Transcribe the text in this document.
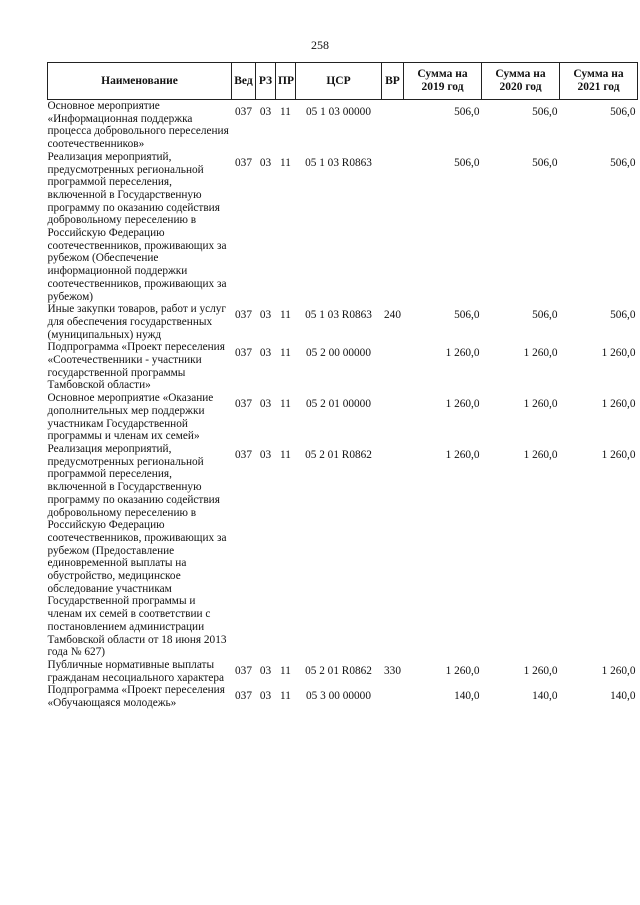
258
Наименование	Вед	РЗ	ПР	ЦСР	ВР	Сумма на 2019 год	Сумма на 2020 год	Сумма на 2021 год
Основное мероприятие «Информационная поддержка процесса добровольного переселения соотечественников»	037	03	11	05 1 03 00000		506,0	506,0	506,0
Реализация мероприятий, предусмотренных региональной программой переселения, включенной в Государственную программу по оказанию содействия добровольному переселению в Российскую Федерацию соотечественников, проживающих за рубежом (Обеспечение информационной поддержки соотечественников, проживающих за рубежом)	037	03	11	05 1 03 R0863		506,0	506,0	506,0
Иные закупки товаров, работ и услуг для обеспечения государственных (муниципальных) нужд	037	03	11	05 1 03 R0863	240	506,0	506,0	506,0
Подпрограмма «Проект переселения «Соотечественники - участники государственной программы Тамбовской области»	037	03	11	05 2 00 00000		1 260,0	1 260,0	1 260,0
Основное мероприятие «Оказание дополнительных мер поддержки участникам Государственной программы и членам их семей»	037	03	11	05 2 01 00000		1 260,0	1 260,0	1 260,0
Реализация мероприятий, предусмотренных региональной программой переселения, включенной в Государственную программу по оказанию содействия добровольному переселению в Российскую Федерацию соотечественников, проживающих за рубежом (Предоставление единовременной выплаты на обустройство, медицинское обследование участникам Государственной программы и членам их семей в соответствии с постановлением администрации Тамбовской области от 18 июня 2013 года № 627)	037	03	11	05 2 01 R0862		1 260,0	1 260,0	1 260,0
Публичные нормативные выплаты гражданам несоциального характера	037	03	11	05 2 01 R0862	330	1 260,0	1 260,0	1 260,0
Подпрограмма «Проект переселения «Обучающаяся молодежь»	037	03	11	05 3 00 00000		140,0	140,0	140,0
